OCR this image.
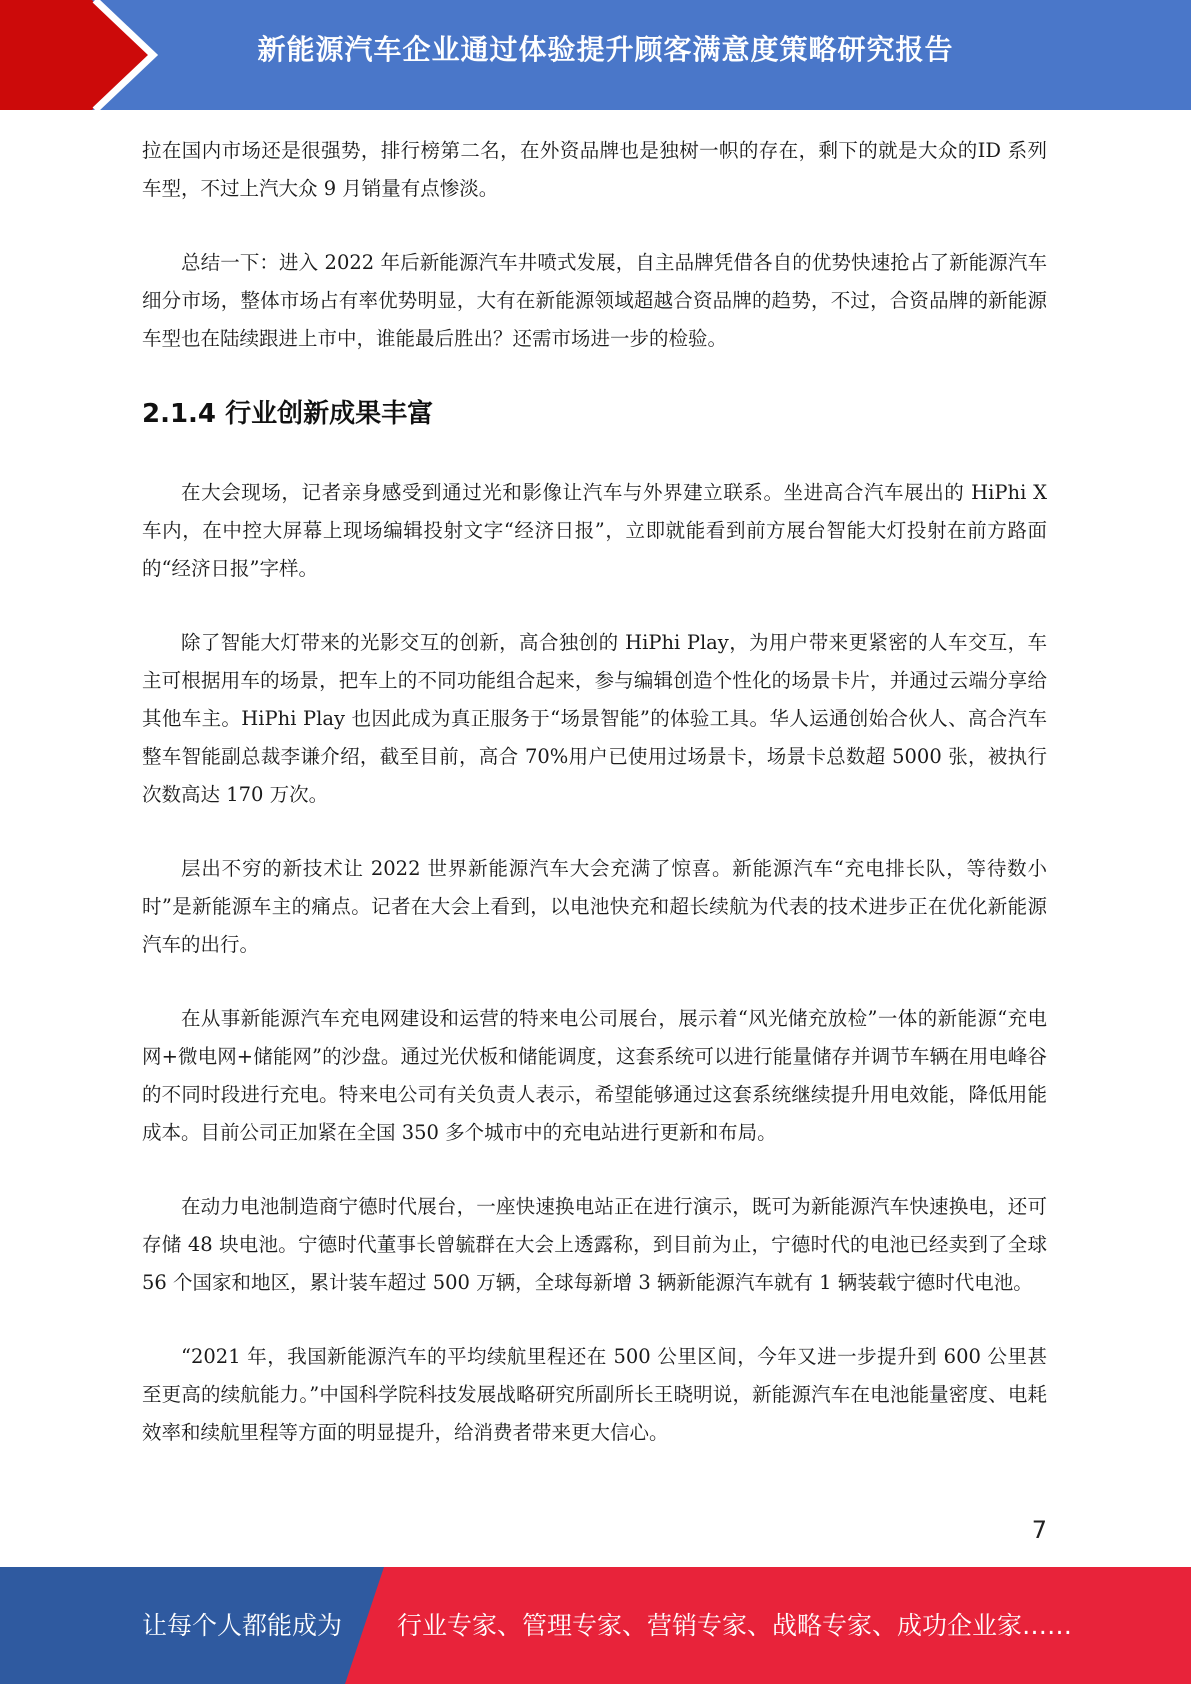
新能源汽车企业通过体验提升顾客满意度策略研究报告

拉在国内市场还是很强势，排行榜第二名，在外资品牌也是独树一帜的存在，剩下的就是大众的ID 系列车型，不过上汽大众 9 月销量有点惨淡。

总结一下：进入 2022 年后新能源汽车井喷式发展，自主品牌凭借各自的优势快速抢占了新能源汽车细分市场，整体市场占有率优势明显，大有在新能源领域超越合资品牌的趋势，不过，合资品牌的新能源车型也在陆续跟进上市中，谁能最后胜出？还需市场进一步的检验。

2.1.4 行业创新成果丰富

在大会现场，记者亲身感受到通过光和影像让汽车与外界建立联系。坐进高合汽车展出的 HiPhi X 车内，在中控大屏幕上现场编辑投射文字“经济日报”，立即就能看到前方展台智能大灯投射在前方路面的“经济日报”字样。

除了智能大灯带来的光影交互的创新，高合独创的 HiPhi Play，为用户带来更紧密的人车交互，车主可根据用车的场景，把车上的不同功能组合起来，参与编辑创造个性化的场景卡片，并通过云端分享给其他车主。HiPhi Play 也因此成为真正服务于“场景智能”的体验工具。华人运通创始合伙人、高合汽车整车智能副总裁李谦介绍，截至目前，高合 70%用户已使用过场景卡，场景卡总数超 5000 张，被执行次数高达 170 万次。

层出不穷的新技术让 2022 世界新能源汽车大会充满了惊喜。新能源汽车“充电排长队，等待数小时”是新能源车主的痛点。记者在大会上看到，以电池快充和超长续航为代表的技术进步正在优化新能源汽车的出行。

在从事新能源汽车充电网建设和运营的特来电公司展台，展示着“风光储充放检”一体的新能源“充电网+微电网+储能网”的沙盘。通过光伏板和储能调度，这套系统可以进行能量储存并调节车辆在用电峰谷的不同时段进行充电。特来电公司有关负责人表示，希望能够通过这套系统继续提升用电效能，降低用能成本。目前公司正加紧在全国 350 多个城市中的充电站进行更新和布局。

在动力电池制造商宁德时代展台，一座快速换电站正在进行演示，既可为新能源汽车快速换电，还可存储 48 块电池。宁德时代董事长曾毓群在大会上透露称，到目前为止，宁德时代的电池已经卖到了全球 56 个国家和地区，累计装车超过 500 万辆，全球每新增 3 辆新能源汽车就有 1 辆装载宁德时代电池。

“2021 年，我国新能源汽车的平均续航里程还在 500 公里区间，今年又进一步提升到 600 公里甚至更高的续航能力。”中国科学院科技发展战略研究所副所长王晓明说，新能源汽车在电池能量密度、电耗效率和续航里程等方面的明显提升，给消费者带来更大信心。

7
让每个人都能成为 行业专家、管理专家、营销专家、战略专家、成功企业家……
